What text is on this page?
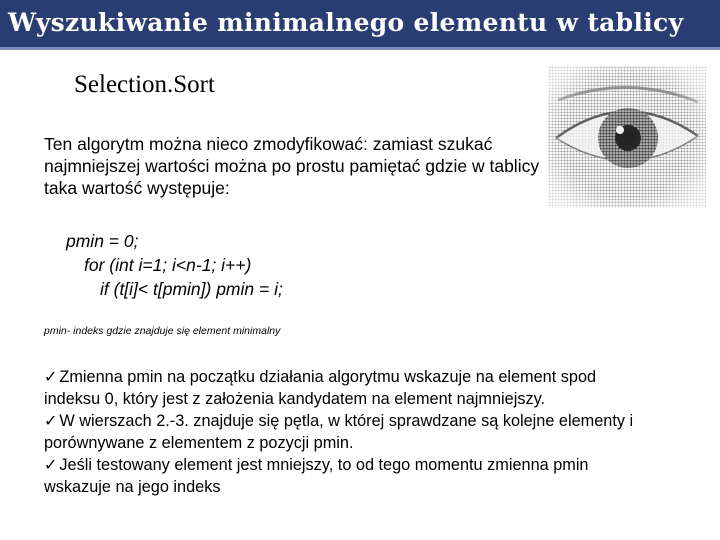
Wyszukiwanie minimalnego elementu w tablicy
Selection.Sort
Ten algorytm można nieco zmodyfikować: zamiast szukać najmniejszej wartości można po prostu pamiętać gdzie w tablicy taka wartość występuje:
pmin = 0;
for (int i=1; i<n-1; i++)
if (t[i]< t[pmin]) pmin = i;
pmin- indeks gdzie znajduje się element minimalny
✓ Zmienna pmin na początku działania algorytmu wskazuje na element spod indeksu 0, który jest z założenia kandydatem na element najmniejszy.
✓ W wierszach 2.-3. znajduje się pętla, w której sprawdzane są kolejne elementy i porównywane z elementem z pozycji pmin.
✓ Jeśli testowany element jest mniejszy, to od tego momentu zmienna pmin wskazuje na jego indeks
